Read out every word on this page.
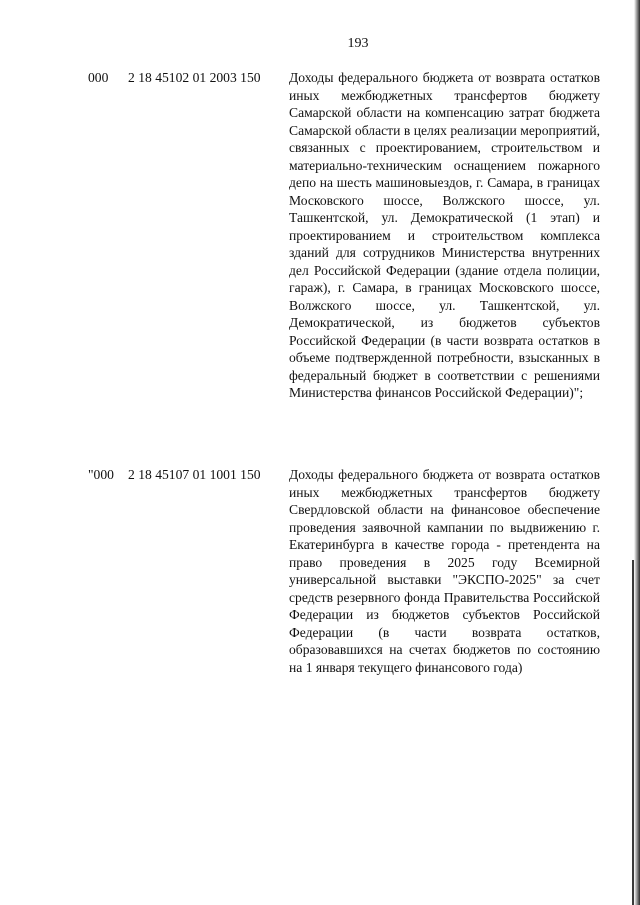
193
000 2 18 45102 01 2003 150 Доходы федерального бюджета от возврата остатков иных межбюджетных трансфертов бюджету Самарской области на компенсацию затрат бюджета Самарской области в целях реализации мероприятий, связанных с проектированием, строительством и материально-техническим оснащением пожарного депо на шесть машиновыездов, г. Самара, в границах Московского шоссе, Волжского шоссе, ул. Ташкентской, ул. Демократической (1 этап) и проектированием и строительством комплекса зданий для сотрудников Министерства внутренних дел Российской Федерации (здание отдела полиции, гараж), г. Самара, в границах Московского шоссе, Волжского шоссе, ул. Ташкентской, ул. Демократической, из бюджетов субъектов Российской Федерации (в части возврата остатков в объеме подтвержденной потребности, взысканных в федеральный бюджет в соответствии с решениями Министерства финансов Российской Федерации)";
"000 2 18 45107 01 1001 150 Доходы федерального бюджета от возврата остатков иных межбюджетных трансфертов бюджету Свердловской области на финансовое обеспечение проведения заявочной кампании по выдвижению г. Екатеринбурга в качестве города - претендента на право проведения в 2025 году Всемирной универсальной выставки "ЭКСПО-2025" за счет средств резервного фонда Правительства Российской Федерации из бюджетов субъектов Российской Федерации (в части возврата остатков, образовавшихся на счетах бюджетов по состоянию на 1 января текущего финансового года)
